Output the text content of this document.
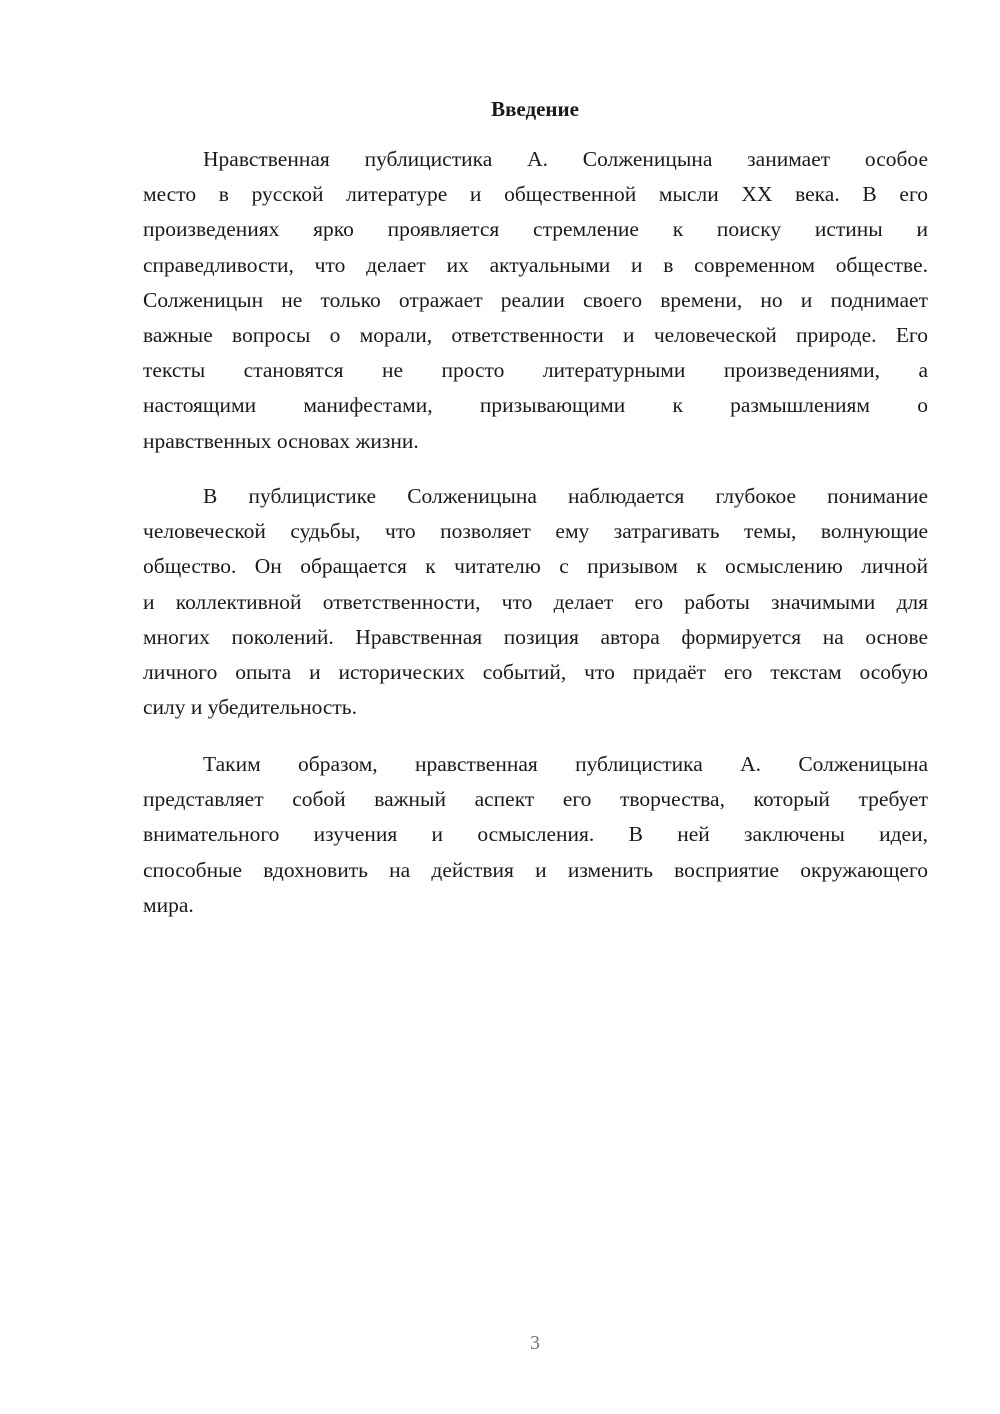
Введение
Нравственная публицистика А. Солженицына занимает особое
место в русской литературе и общественной мысли XX века. В его
произведениях ярко проявляется стремление к поиску истины и
справедливости, что делает их актуальными и в современном обществе.
Солженицын не только отражает реалии своего времени, но и поднимает
важные вопросы о морали, ответственности и человеческой природе. Его
тексты становятся не просто литературными произведениями, а
настоящими манифестами, призывающими к размышлениям о
нравственных основах жизни.
В публицистике Солженицына наблюдается глубокое понимание
человеческой судьбы, что позволяет ему затрагивать темы, волнующие
общество. Он обращается к читателю с призывом к осмыслению личной
и коллективной ответственности, что делает его работы значимыми для
многих поколений. Нравственная позиция автора формируется на основе
личного опыта и исторических событий, что придаёт его текстам особую
силу и убедительность.
Таким образом, нравственная публицистика А. Солженицына
представляет собой важный аспект его творчества, который требует
внимательного изучения и осмысления. В ней заключены идеи,
способные вдохновить на действия и изменить восприятие окружающего
мира.
3
